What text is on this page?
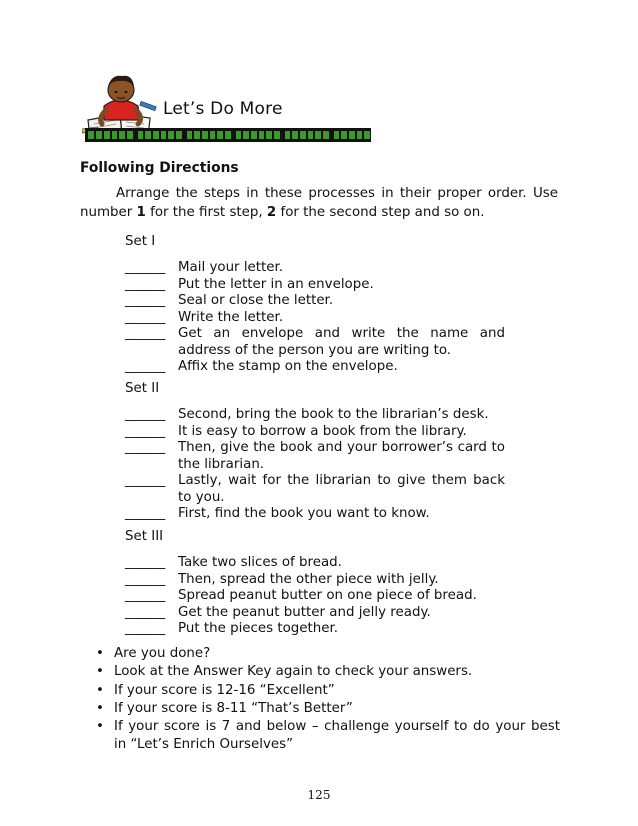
Let’s Do More
Following Directions
Arrange the steps in these processes in their proper order. Use
number 1 for the first step, 2 for the second step and so on.
Set I
______ Mail your letter.
______ Put the letter in an envelope.
______ Seal or close the letter.
______ Write the letter.
______ Get an envelope and write the name and
address of the person you are writing to.
______ Affix the stamp on the envelope.
Set II
______ Second, bring the book to the librarian’s desk.
______ It is easy to borrow a book from the library.
______ Then, give the book and your borrower’s card to
the librarian.
______ Lastly, wait for the librarian to give them back
to you.
______ First, find the book you want to know.
Set III
______ Take two slices of bread.
______ Then, spread the other piece with jelly.
______ Spread peanut butter on one piece of bread.
______ Get the peanut butter and jelly ready.
______ Put the pieces together.
• Are you done?
• Look at the Answer Key again to check your answers.
• If your score is 12-16 “Excellent”
• If your score is 8-11 “That’s Better”
• If your score is 7 and below – challenge yourself to do your best
in “Let’s Enrich Ourselves”
125
